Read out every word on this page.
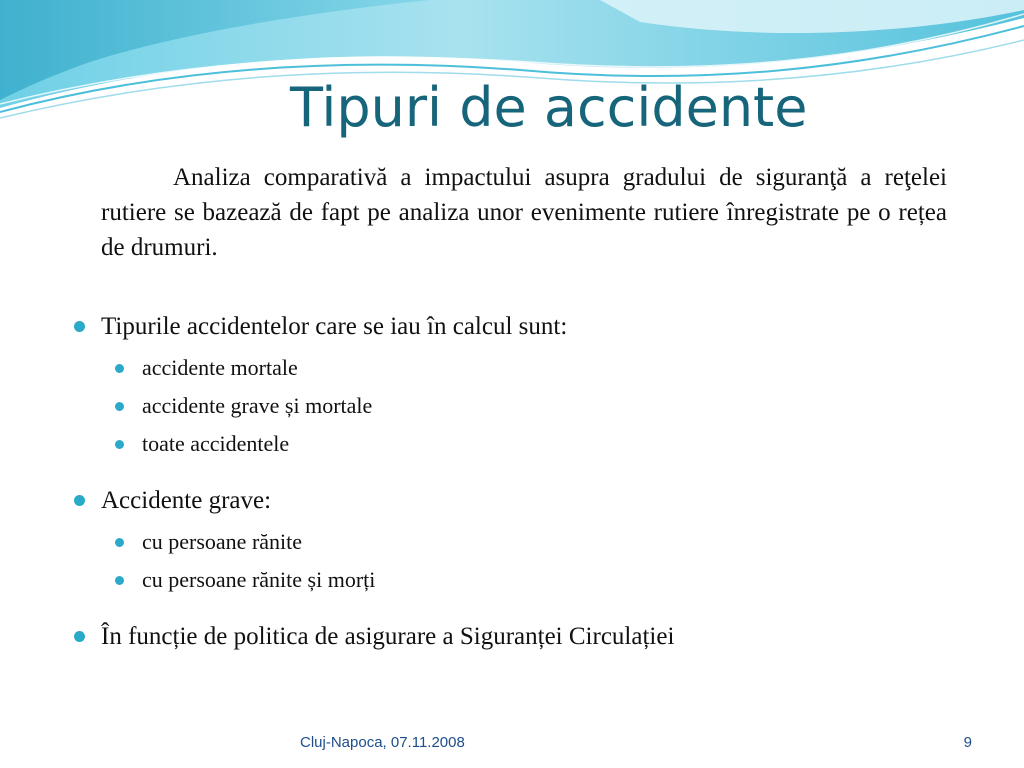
Tipuri de accidente

Analiza comparativă a impactului asupra gradului de siguranţă a reţelei rutiere se bazează de fapt pe analiza unor evenimente rutiere înregistrate pe o rețea de drumuri.

Tipurile accidentelor care se iau în calcul sunt:
accidente mortale
accidente grave și mortale
toate accidentele
Accidente grave:
cu persoane rănite
cu persoane rănite și morți
În funcție de politica de asigurare a Siguranței Circulației
Cluj-Napoca, 07.11.2008	9
